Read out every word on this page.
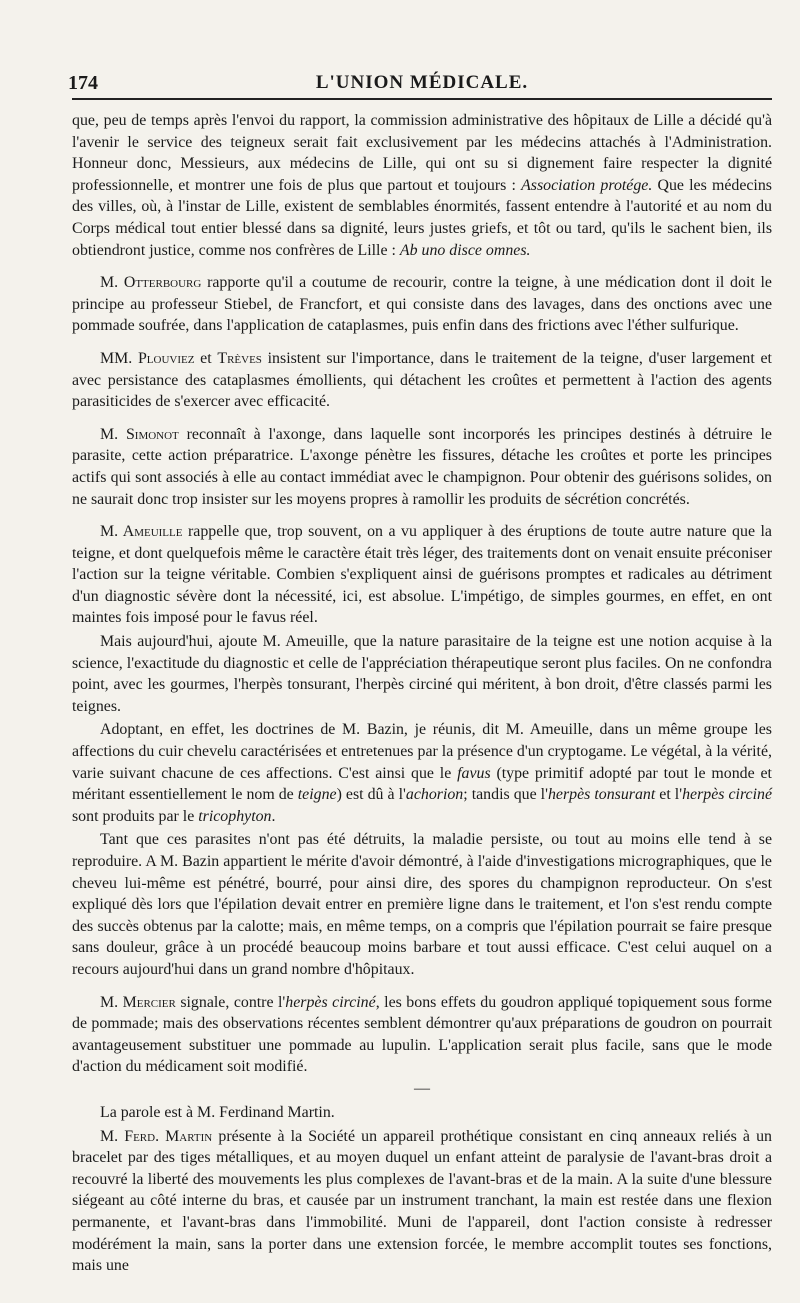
174	L'UNION MÉDICALE.

que, peu de temps après l'envoi du rapport, la commission administrative des hôpitaux de Lille a décidé qu'à l'avenir le service des teigneux serait fait exclusivement par les médecins attachés à l'Administration. Honneur donc, Messieurs, aux médecins de Lille, qui ont su si dignement faire respecter la dignité professionnelle, et montrer une fois de plus que partout et toujours : Association protége. Que les médecins des villes, où, à l'instar de Lille, existent de semblables énormités, fassent entendre à l'autorité et au nom du Corps médical tout entier blessé dans sa dignité, leurs justes griefs, et tôt ou tard, qu'ils le sachent bien, ils obtiendront justice, comme nos confrères de Lille : Ab uno disce omnes.

M. Otterbourg rapporte qu'il a coutume de recourir, contre la teigne, à une médication dont il doit le principe au professeur Stiebel, de Francfort, et qui consiste dans des lavages, dans des onctions avec une pommade soufrée, dans l'application de cataplasmes, puis enfin dans des frictions avec l'éther sulfurique.

MM. Plouviez et Trèves insistent sur l'importance, dans le traitement de la teigne, d'user largement et avec persistance des cataplasmes émollients, qui détachent les croûtes et permettent à l'action des agents parasiticides de s'exercer avec efficacité.

M. Simonot reconnaît à l'axonge, dans laquelle sont incorporés les principes destinés à détruire le parasite, cette action préparatrice. L'axonge pénètre les fissures, détache les croûtes et porte les principes actifs qui sont associés à elle au contact immédiat avec le champignon. Pour obtenir des guérisons solides, on ne saurait donc trop insister sur les moyens propres à ramollir les produits de sécrétion concrétés.

M. Ameuille rappelle que, trop souvent, on a vu appliquer à des éruptions de toute autre nature que la teigne, et dont quelquefois même le caractère était très léger, des traitements dont on venait ensuite préconiser l'action sur la teigne véritable. Combien s'expliquent ainsi de guérisons promptes et radicales au détriment d'un diagnostic sévère dont la nécessité, ici, est absolue. L'impétigo, de simples gourmes, en effet, en ont maintes fois imposé pour le favus réel.

Mais aujourd'hui, ajoute M. Ameuille, que la nature parasitaire de la teigne est une notion acquise à la science, l'exactitude du diagnostic et celle de l'appréciation thérapeutique seront plus faciles. On ne confondra point, avec les gourmes, l'herpès tonsurant, l'herpès circiné qui méritent, à bon droit, d'être classés parmi les teignes.

Adoptant, en effet, les doctrines de M. Bazin, je réunis, dit M. Ameuille, dans un même groupe les affections du cuir chevelu caractérisées et entretenues par la présence d'un cryptogame. Le végétal, à la vérité, varie suivant chacune de ces affections. C'est ainsi que le favus (type primitif adopté par tout le monde et méritant essentiellement le nom de teigne) est dû à l'achorion; tandis que l'herpès tonsurant et l'herpès circiné sont produits par le tricophyton.

Tant que ces parasites n'ont pas été détruits, la maladie persiste, ou tout au moins elle tend à se reproduire. A M. Bazin appartient le mérite d'avoir démontré, à l'aide d'investigations micrographiques, que le cheveu lui-même est pénétré, bourré, pour ainsi dire, des spores du champignon reproducteur. On s'est expliqué dès lors que l'épilation devait entrer en première ligne dans le traitement, et l'on s'est rendu compte des succès obtenus par la calotte; mais, en même temps, on a compris que l'épilation pourrait se faire presque sans douleur, grâce à un procédé beaucoup moins barbare et tout aussi efficace. C'est celui auquel on a recours aujourd'hui dans un grand nombre d'hôpitaux.

M. Mercier signale, contre l'herpès circiné, les bons effets du goudron appliqué topiquement sous forme de pommade; mais des observations récentes semblent démontrer qu'aux préparations de goudron on pourrait avantageusement substituer une pommade au lupulin. L'application serait plus facile, sans que le mode d'action du médicament soit modifié.

—

La parole est à M. Ferdinand Martin.

M. Ferd. Martin présente à la Société un appareil prothétique consistant en cinq anneaux reliés à un bracelet par des tiges métalliques, et au moyen duquel un enfant atteint de paralysie de l'avant-bras droit a recouvré la liberté des mouvements les plus complexes de l'avant-bras et de la main. A la suite d'une blessure siégeant au côté interne du bras, et causée par un instrument tranchant, la main est restée dans une flexion permanente, et l'avant-bras dans l'immobilité. Muni de l'appareil, dont l'action consiste à redresser modérément la main, sans la porter dans une extension forcée, le membre accomplit toutes ses fonctions, mais une
